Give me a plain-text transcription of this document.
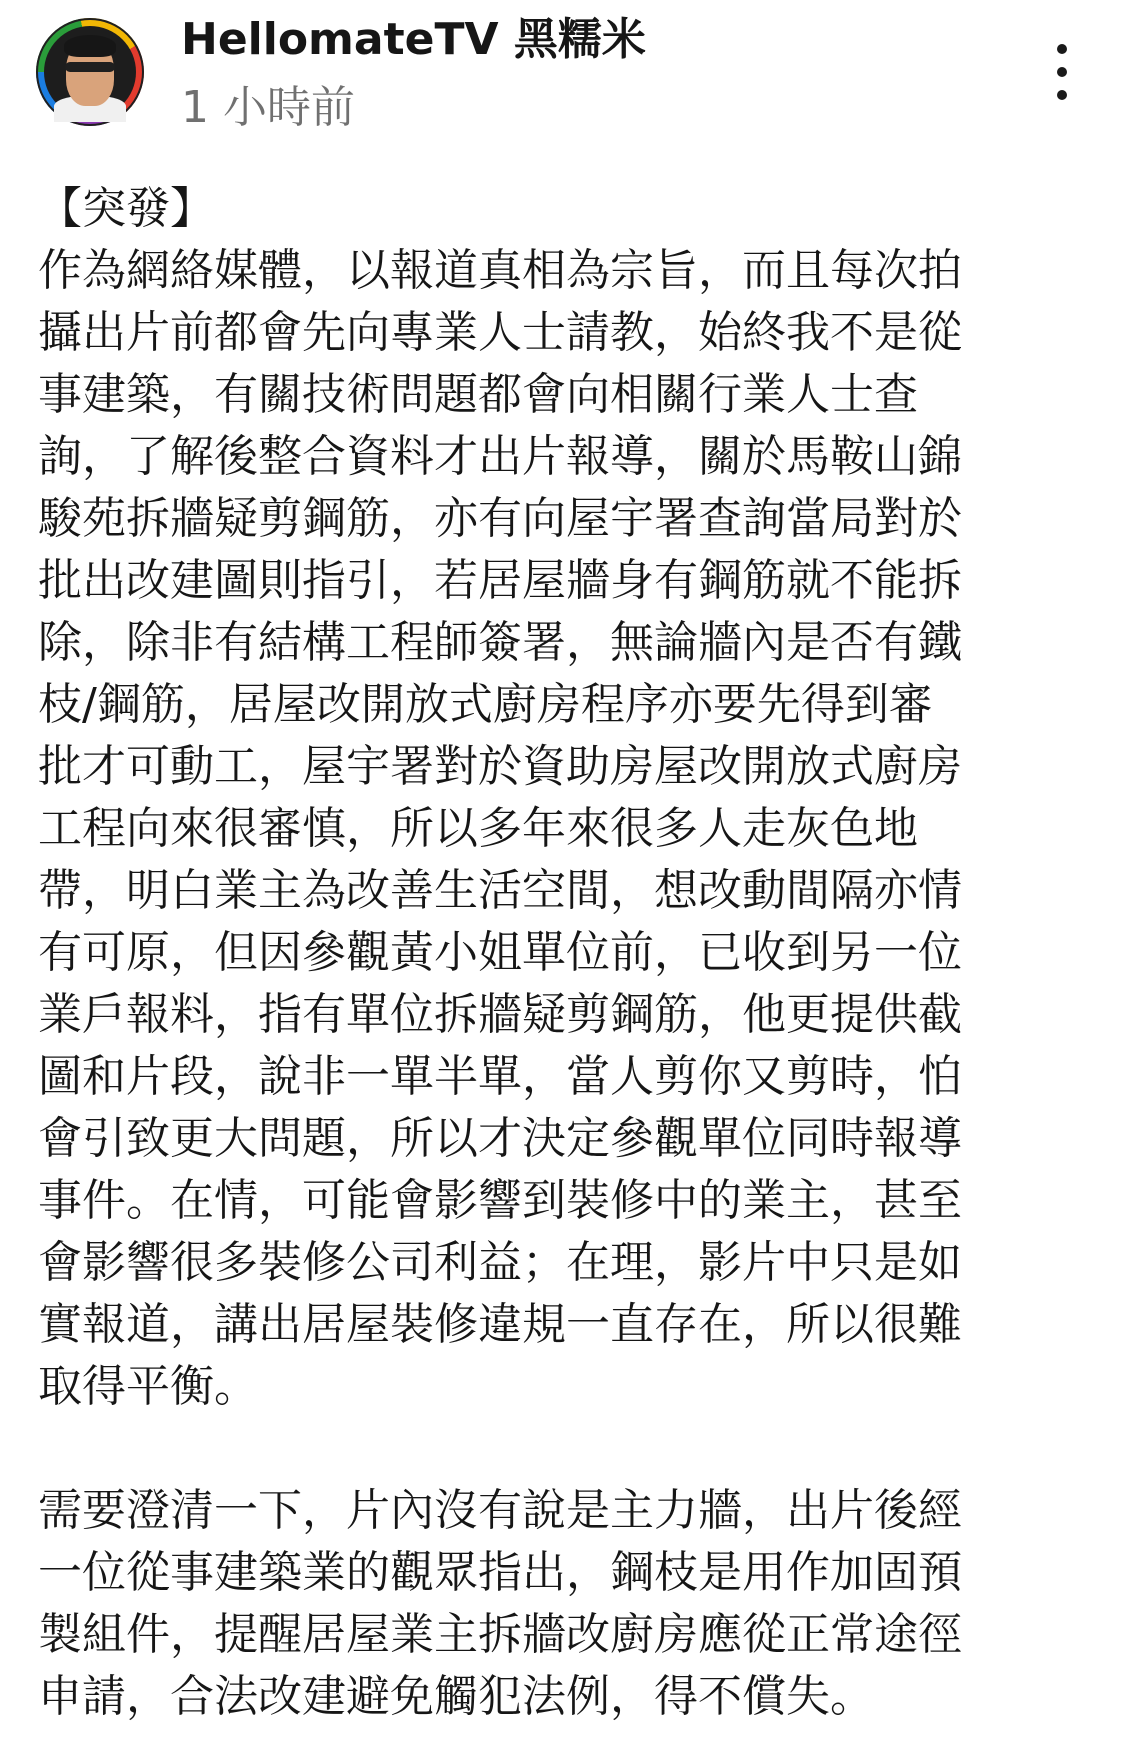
HellomateTV 黑糯米
1 小時前

【突發】
作為網絡媒體，以報道真相為宗旨，而且每次拍
攝出片前都會先向專業人士請教，始終我不是從
事建築，有關技術問題都會向相關行業人士查
詢，了解後整合資料才出片報導，關於馬鞍山錦
駿苑拆牆疑剪鋼筋，亦有向屋宇署查詢當局對於
批出改建圖則指引，若居屋牆身有鋼筋就不能拆
除，除非有結構工程師簽署，無論牆內是否有鐵
枝/鋼筋，居屋改開放式廚房程序亦要先得到審
批才可動工，屋宇署對於資助房屋改開放式廚房
工程向來很審慎，所以多年來很多人走灰色地
帶，明白業主為改善生活空間，想改動間隔亦情
有可原，但因參觀黃小姐單位前，已收到另一位
業戶報料，指有單位拆牆疑剪鋼筋，他更提供截
圖和片段，說非一單半單，當人剪你又剪時，怕
會引致更大問題，所以才決定參觀單位同時報導
事件。在情，可能會影響到裝修中的業主，甚至
會影響很多裝修公司利益；在理，影片中只是如
實報道，講出居屋裝修違規一直存在，所以很難
取得平衡。

需要澄清一下，片內沒有說是主力牆，出片後經
一位從事建築業的觀眾指出，鋼枝是用作加固預
製組件，提醒居屋業主拆牆改廚房應從正常途徑
申請，合法改建避免觸犯法例，得不償失。
